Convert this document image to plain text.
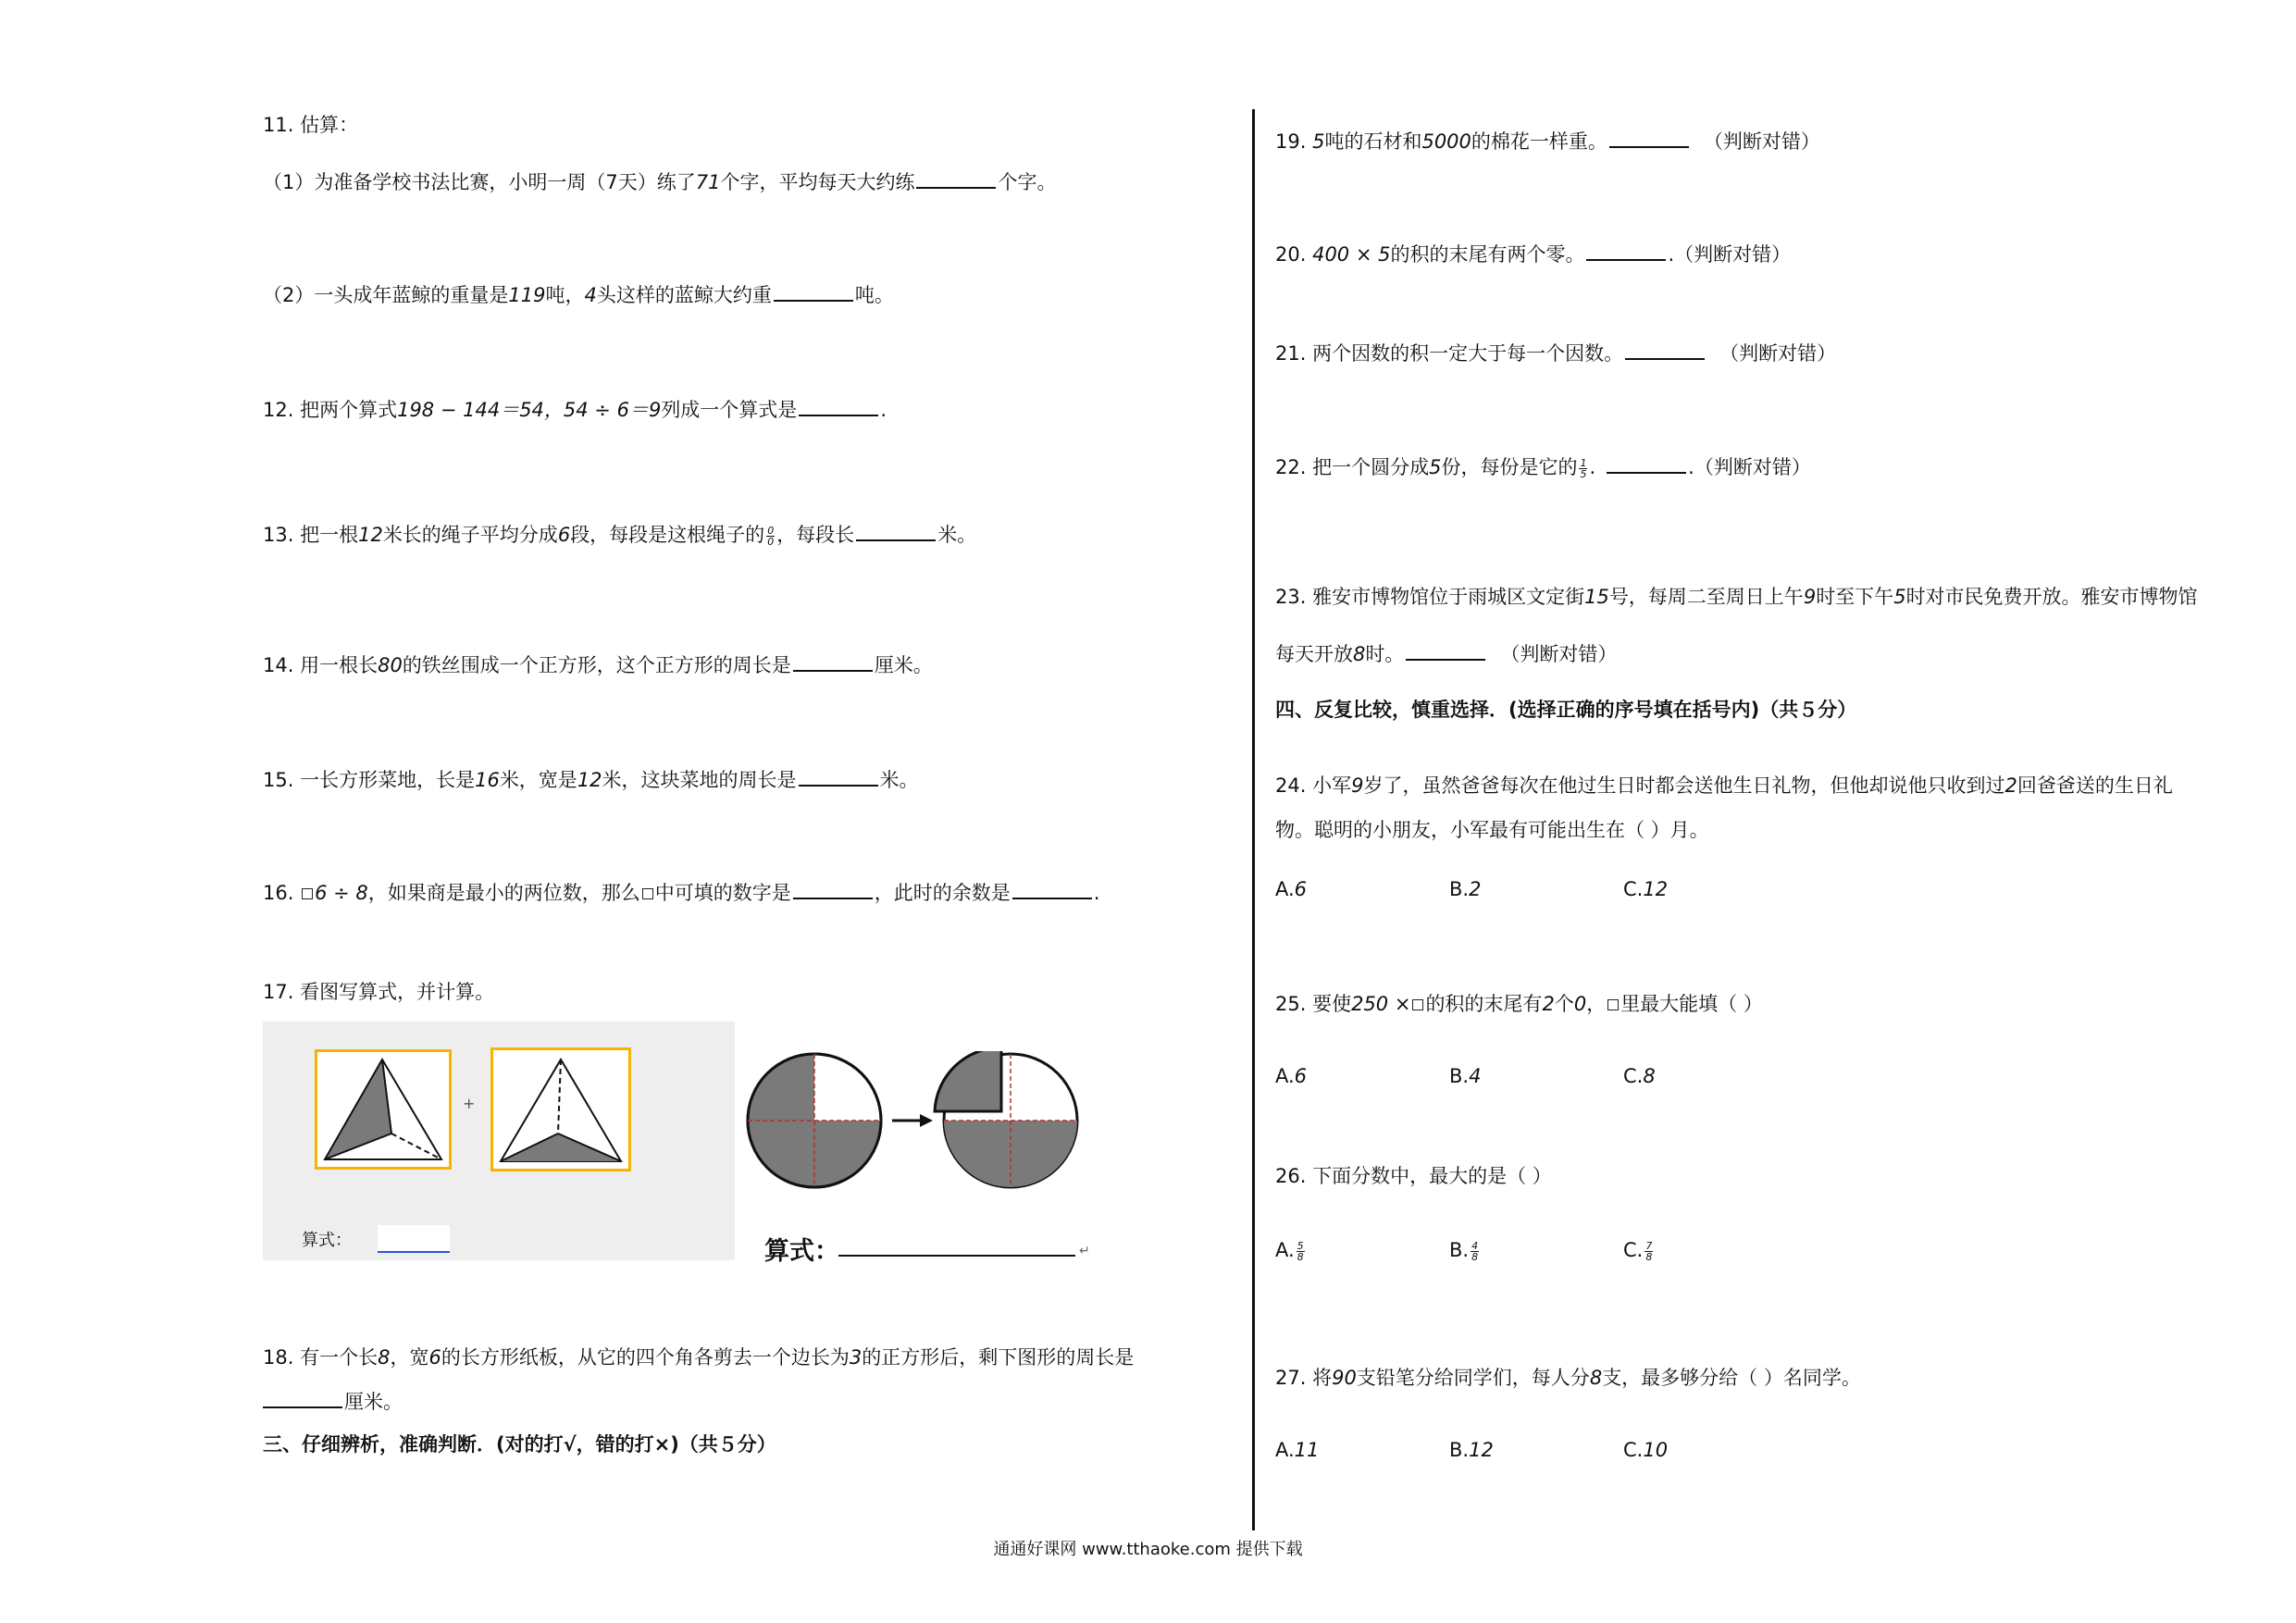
11. 估算：
（1）为准备学校书法比赛，小明一周（7天）练了71个字，平均每天大约练	个字。
（2）一头成年蓝鲸的重量是119吨，4头这样的蓝鲸大约重	吨。
12. 把两个算式198 − 144＝54，54 ÷ 6＝9列成一个算式是	.
13. 把一根12米长的绳子平均分成6段，每段是这根绳子的 $\frac{0}{0}$ ，每段长	米。
14. 用一根长80的铁丝围成一个正方形，这个正方形的周长是	厘米。
15. 一长方形菜地，长是16米，宽是12米，这块菜地的周长是	米。
16. 6 ÷ 8，如果商是最小的两位数，那么 中可填的数字是	，此时的余数是	.
17. 看图写算式，并计算。
+
算式：	算式：	↵
18. 有一个长8，宽6的长方形纸板，从它的四个角各剪去一个边长为3的正方形后，剩下图形的周长是
厘米。
三、仔细辨析，准确判断．(对的打√，错的打×)（共５分）
19. 5吨的石材和5000的棉花一样重。	（判断对错）
20. 400 × 5的积的末尾有两个零。	.（判断对错）
21. 两个因数的积一定大于每一个因数。	（判断对错）
22. 把一个圆分成5份，每份是它的 $\frac{1}{5}$ .	.（判断对错）
23. 雅安市博物馆位于雨城区文定街15号，每周二至周日上午9时至下午5时对市民免费开放。雅安市博物馆
每天开放8时。	（判断对错）
四、反复比较，慎重选择．(选择正确的序号填在括号内)（共５分）
24. 小军9岁了，虽然爸爸每次在他过生日时都会送他生日礼物，但他却说他只收到过2回爸爸送的生日礼
物。聪明的小朋友，小军最有可能出生在（ ）月。
A.6	B.2	C.12
25. 要使250 × 的积的末尾有2个0， 里最大能填（ ）
A.6	B.4	C.8
26. 下面分数中，最大的是（ ）
A. $\frac{5}{8}$	B. $\frac{4}{8}$	C. $\frac{7}{8}$
27. 将90支铅笔分给同学们，每人分8支，最多够分给（ ）名同学。
A.11	B.12	C.10
通通好课网 www.tthaoke.com 提供下载
